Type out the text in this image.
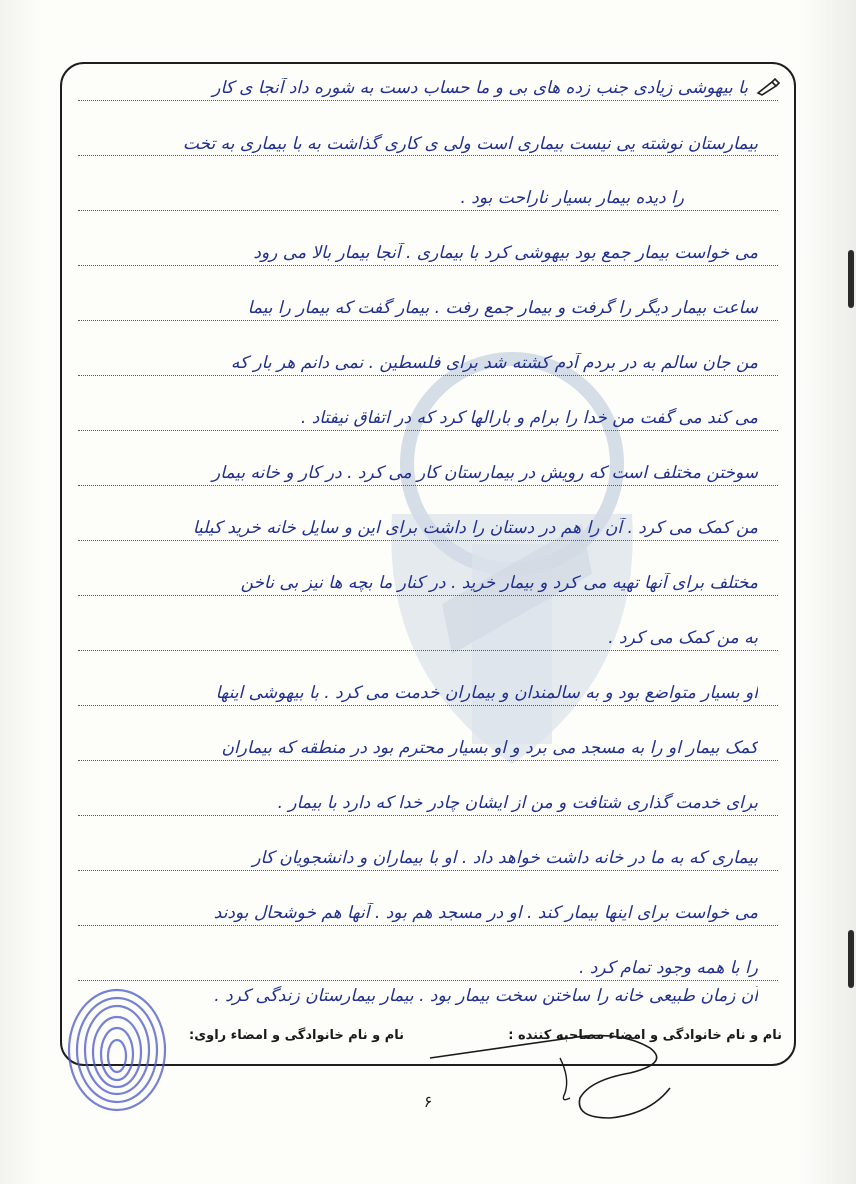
با بیهوشی زیادی جنب زده های بی و ما حساب دست به شوره داد آنجا ی کار
بیمارستان نوشته یی نیست بیماری است ولی ی کاری گذاشت به با بیماری به تخت
را دیده بیمار بسیار ناراحت بود .
می خواست بیمار جمع بود بیهوشی کرد با بیماری . آنجا بیمار بالا می رود
ساعت بیمار دیگر را گرفت و بیمار جمع رفت . بیمار گفت که بیمار را بیما
من جان سالم به در بردم آدم کشته شد برای فلسطین . نمی دانم هر بار که
می کند می گفت من خدا را برام و بارالها کرد که در اتفاق نیفتاد .
سوختن مختلف است که رویش در بیمارستان کار می کرد . در کار و خانه بیمار
من کمک می کرد . آن را هم در دستان را داشت برای این و سایل خانه خرید کیلیا
مختلف برای آنها تهیه می کرد و بیمار خرید . در کنار ما بچه ها نیز بی ناخن
به من کمک می کرد .
او بسیار متواضع بود و به سالمندان و بیماران خدمت می کرد . با بیهوشی اینها
کمک بیمار او را به مسجد می برد و او بسیار محترم بود در منطقه که بیماران
برای خدمت گذاری شتافت و من از ایشان چادر خدا که دارد با بیمار .
بیماری که به ما در خانه داشت خواهد داد . او با بیماران و دانشجویان کار
می خواست برای اینها بیمار کند . او در مسجد هم بود . آنها هم خوشحال بودند
را با همه وجود تمام کرد .
آن زمان طبیعی خانه را ساختن سخت بیمار بود . بیمار بیمارستان زندگی کرد .
نام و نام خانوادگی و امضاء مصاحبه کننده :
نام و نام خانوادگی و امضاء راوی:
۶
